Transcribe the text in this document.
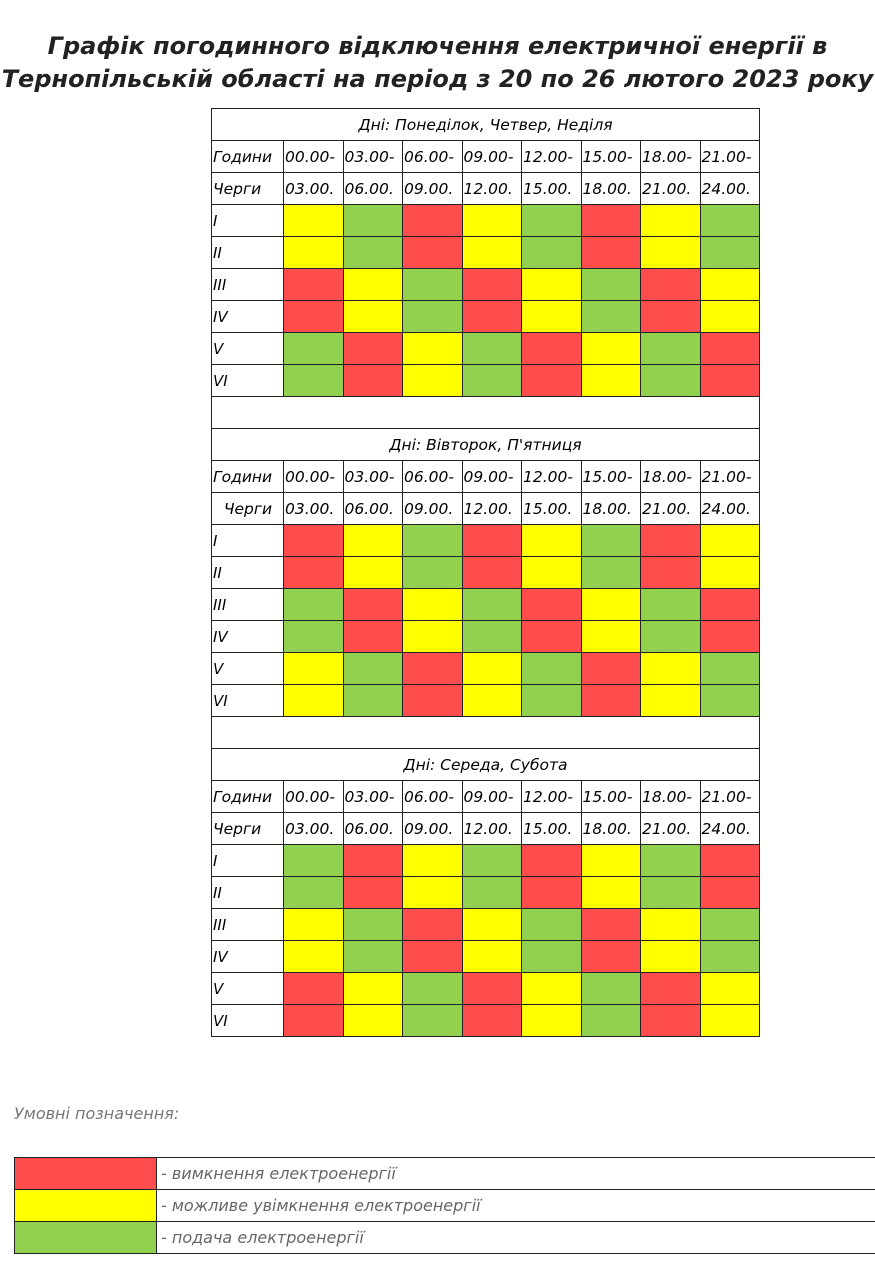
Графік погодинного відключення електричної енергії в
Тернопільській області на період з 20 по 26 лютого 2023 року
Дні: Понеділок, Четвер, Неділя								
Години	00.00-	03.00-	06.00-	09.00-	12.00-	15.00-	18.00-	21.00-
Черги	03.00.	06.00.	09.00.	12.00.	15.00.	18.00.	21.00.	24.00.
I								
II								
III								
IV								
V								
VI								

Дні: Вівторок, П'ятниця								
Години	00.00-	03.00-	06.00-	09.00-	12.00-	15.00-	18.00-	21.00-
Черги	03.00.	06.00.	09.00.	12.00.	15.00.	18.00.	21.00.	24.00.
I								
II								
III								
IV								
V								
VI								

Дні: Середа, Субота								
Години	00.00-	03.00-	06.00-	09.00-	12.00-	15.00-	18.00-	21.00-
Черги	03.00.	06.00.	09.00.	12.00.	15.00.	18.00.	21.00.	24.00.
I								
II								
III								
IV								
V								
VI								
Умовні позначення:
	- вимкнення електроенергії
	- можливе увімкнення електроенергії
	- подача електроенергії
